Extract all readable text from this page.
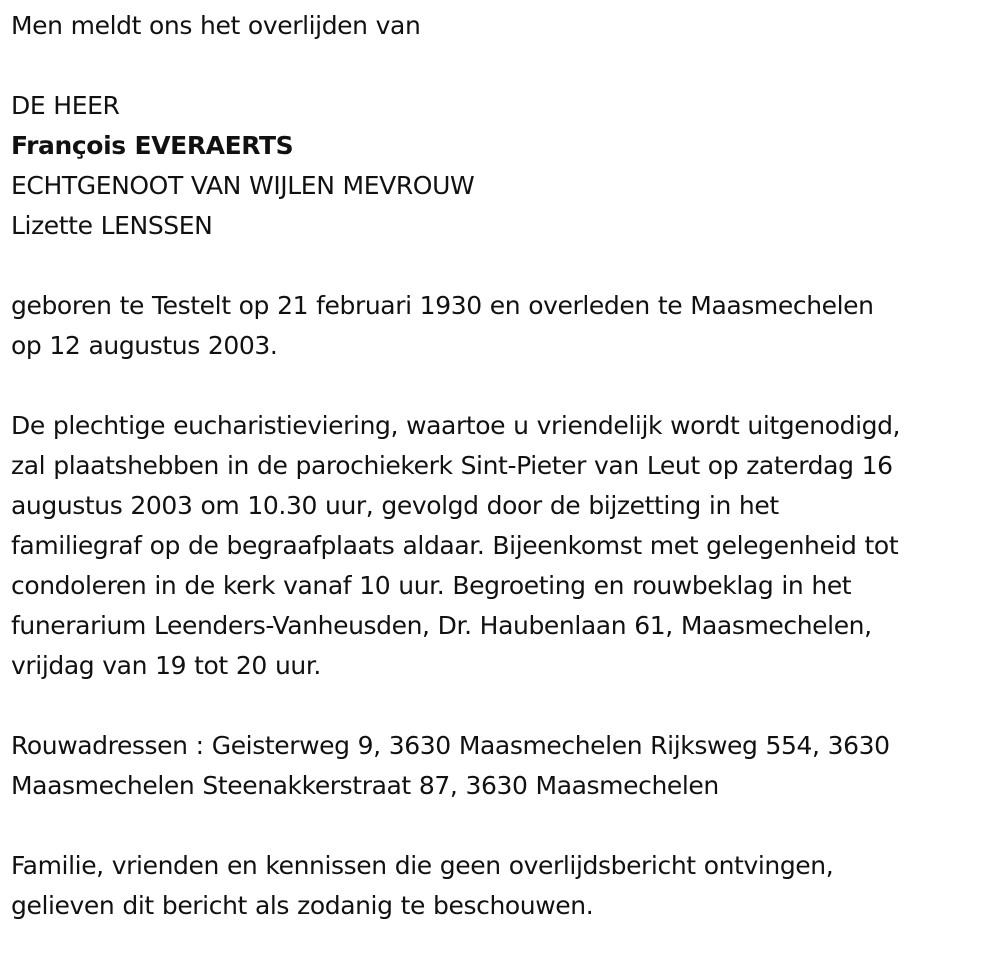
Men meldt ons het overlijden van

DE HEER

François EVERAERTS

ECHTGENOOT VAN WIJLEN MEVROUW

Lizette LENSSEN

geboren te Testelt op 21 februari 1930 en overleden te Maasmechelen

op 12 augustus 2003.

De plechtige eucharistieviering, waartoe u vriendelijk wordt uitgenodigd,

zal plaatshebben in de parochiekerk Sint-Pieter van Leut op zaterdag 16

augustus 2003 om 10.30 uur, gevolgd door de bijzetting in het

familiegraf op de begraafplaats aldaar. Bijeenkomst met gelegenheid tot

condoleren in de kerk vanaf 10 uur. Begroeting en rouwbeklag in het

funerarium Leenders-Vanheusden, Dr. Haubenlaan 61, Maasmechelen,

vrijdag van 19 tot 20 uur.

Rouwadressen : Geisterweg 9, 3630 Maasmechelen Rijksweg 554, 3630

Maasmechelen Steenakkerstraat 87, 3630 Maasmechelen

Familie, vrienden en kennissen die geen overlijdsbericht ontvingen,

gelieven dit bericht als zodanig te beschouwen.
